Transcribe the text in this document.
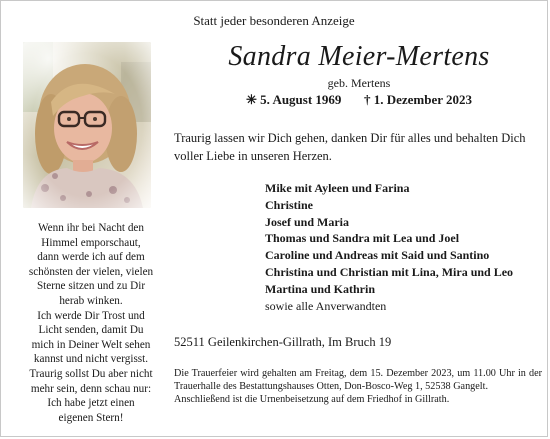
Statt jeder besonderen Anzeige
Wenn ihr bei Nacht den
Himmel emporschaut,
dann werde ich auf dem
schönsten der vielen, vielen
Sterne sitzen und zu Dir
herab winken.
Ich werde Dir Trost und
Licht senden, damit Du
mich in Deiner Welt sehen
kannst und nicht vergisst.
Traurig sollst Du aber nicht
mehr sein, denn schau nur:
Ich habe jetzt einen
eigenen Stern!
Sandra Meier-Mertens
geb. Mertens
✳ 5. August 1969 † 1. Dezember 2023
Traurig lassen wir Dich gehen, danken Dir für alles und behalten Dich voller Liebe in unseren Herzen.
Mike mit Ayleen und Farina
Christine
Josef und Maria
Thomas und Sandra mit Lea und Joel
Caroline und Andreas mit Said und Santino
Christina und Christian mit Lina, Mira und Leo
Martina und Kathrin
sowie alle Anverwandten
52511 Geilenkirchen-Gillrath, Im Bruch 19
Die Trauerfeier wird gehalten am Freitag, dem 15. Dezember 2023, um 11.00 Uhr in der Trauerhalle des Bestattungshauses Otten, Don-Bosco-Weg 1, 52538 Gangelt.
Anschließend ist die Urnenbeisetzung auf dem Friedhof in Gillrath.
